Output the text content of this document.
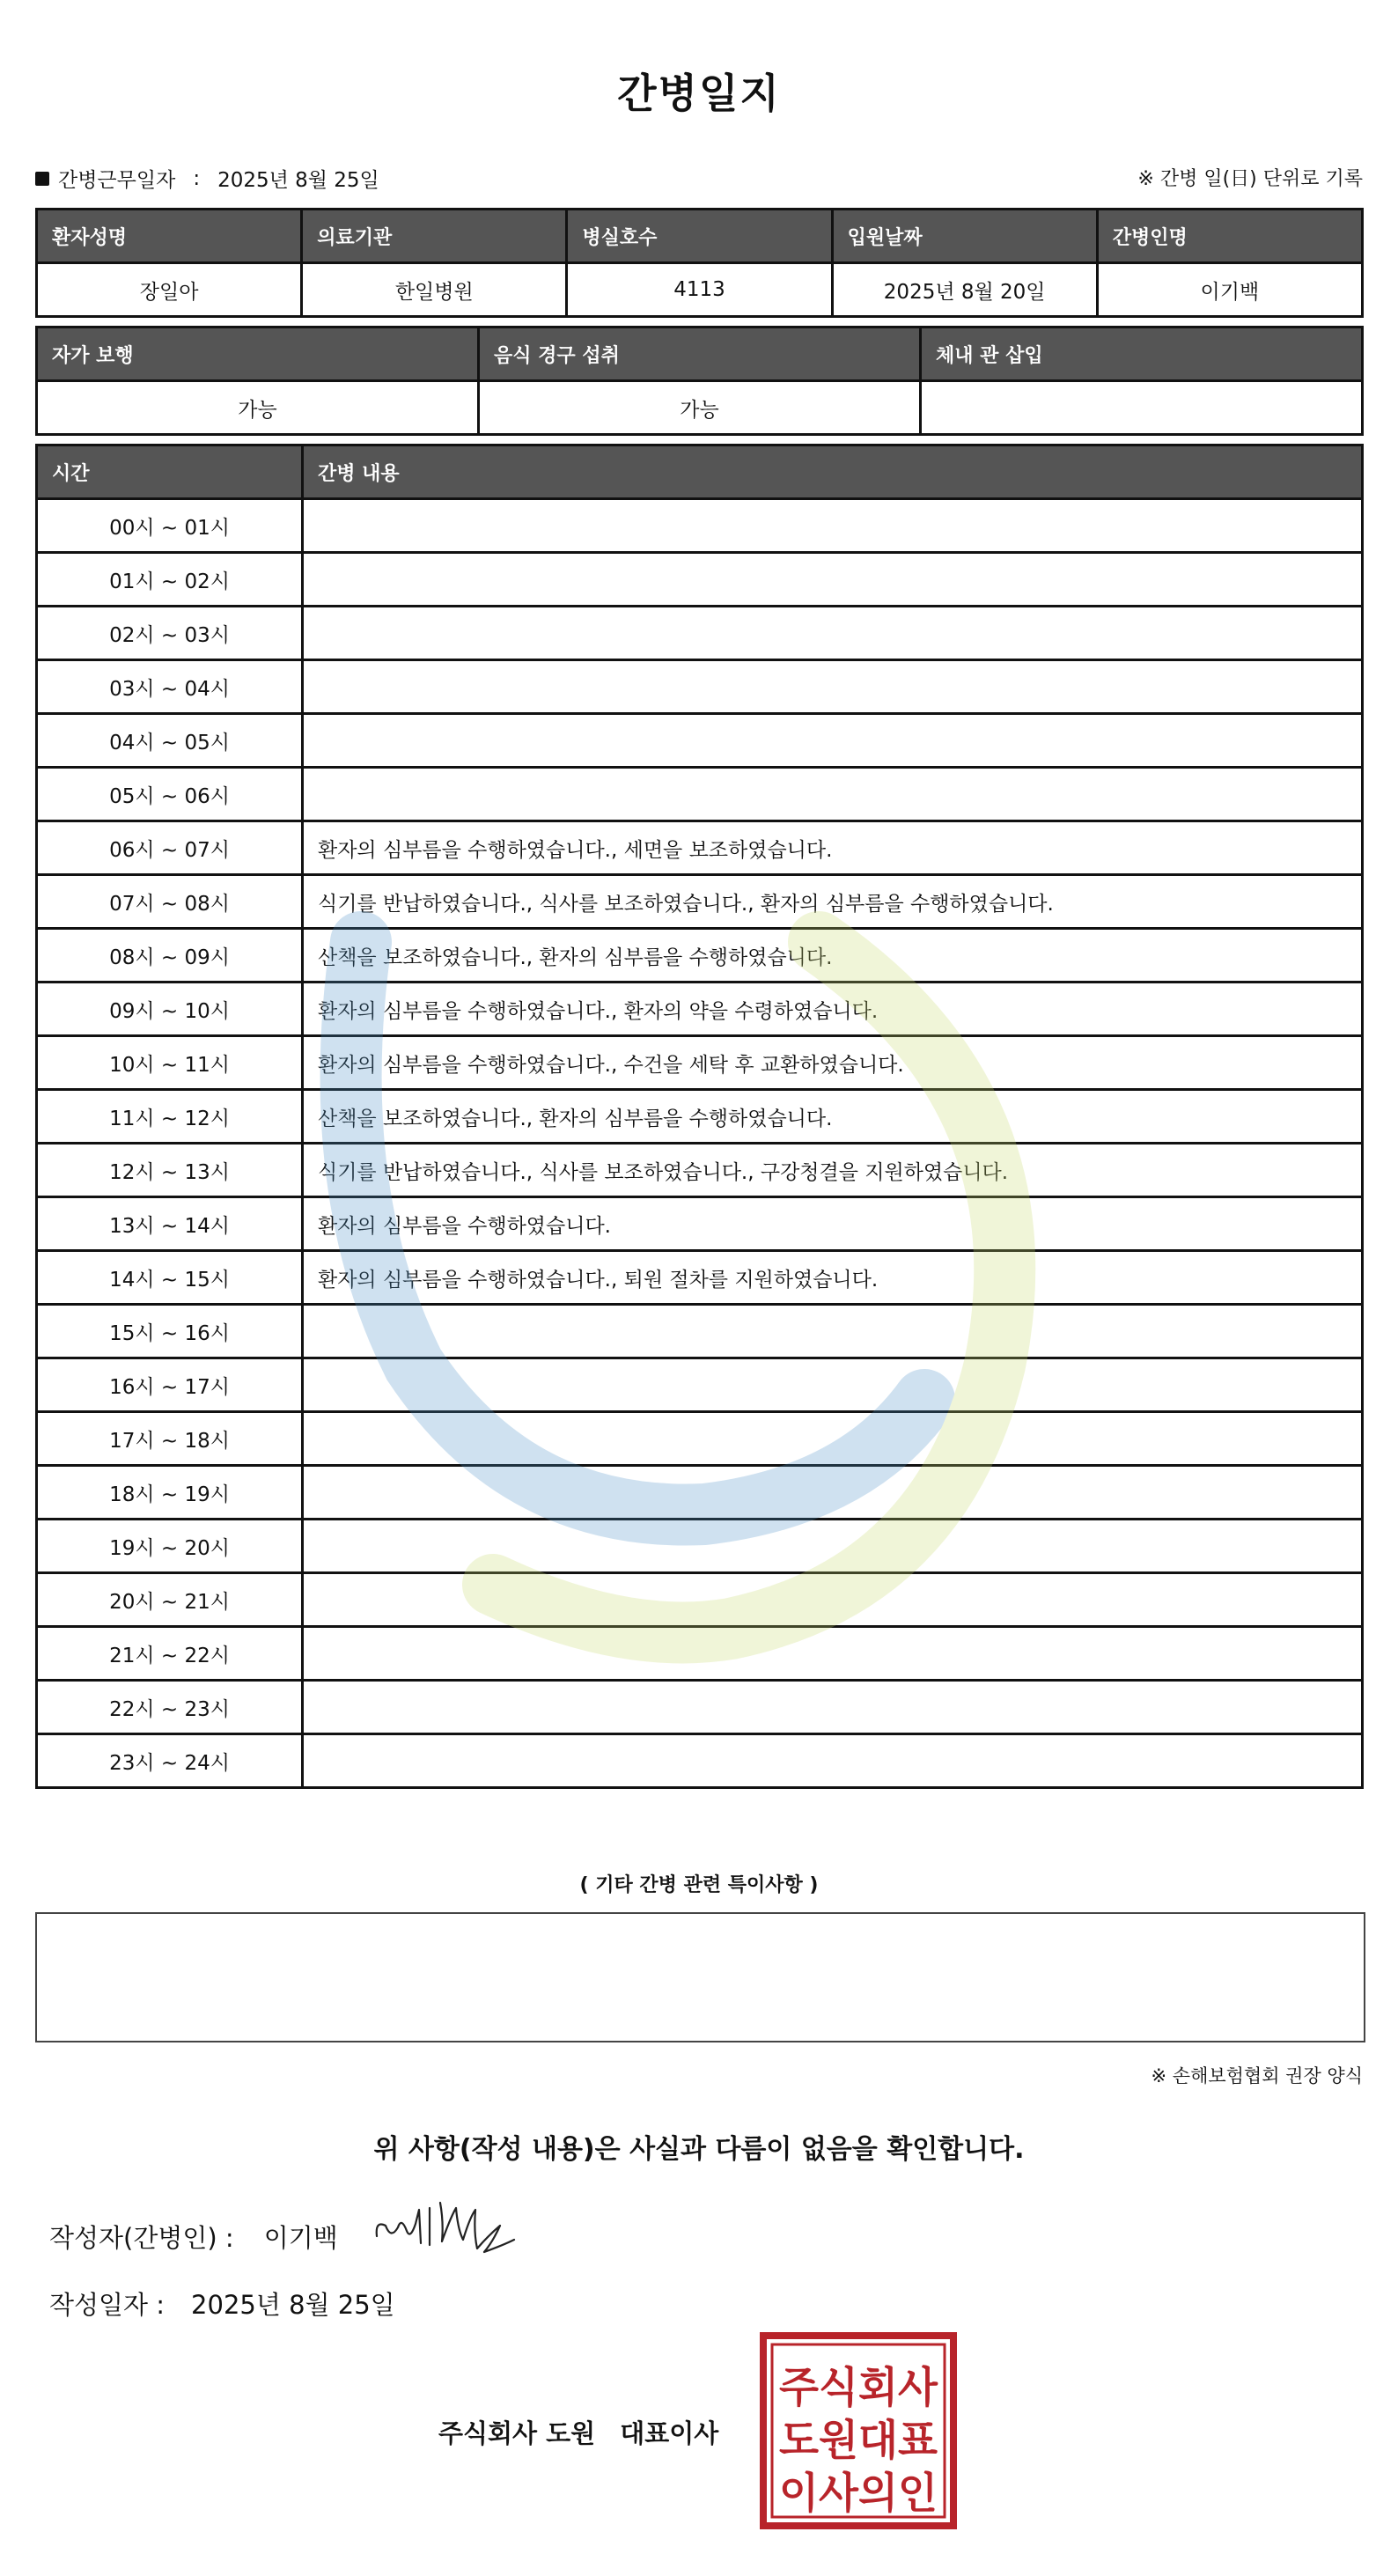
간병일지
간병근무일자 : 2025년 8월 25일	※ 간병 일(日) 단위로 기록
환자성명	의료기관	병실호수	입원날짜	간병인명
장일아	한일병원	4113	2025년 8월 20일	이기백
자가 보행	음식 경구 섭취	체내 관 삽입
가능	가능	
시간	간병 내용
00시 ~ 01시	
01시 ~ 02시	
02시 ~ 03시	
03시 ~ 04시	
04시 ~ 05시	
05시 ~ 06시	
06시 ~ 07시	환자의 심부름을 수행하였습니다., 세면을 보조하였습니다.
07시 ~ 08시	식기를 반납하였습니다., 식사를 보조하였습니다., 환자의 심부름을 수행하였습니다.
08시 ~ 09시	산책을 보조하였습니다., 환자의 심부름을 수행하였습니다.
09시 ~ 10시	환자의 심부름을 수행하였습니다., 환자의 약을 수령하였습니다.
10시 ~ 11시	환자의 심부름을 수행하였습니다., 수건을 세탁 후 교환하였습니다.
11시 ~ 12시	산책을 보조하였습니다., 환자의 심부름을 수행하였습니다.
12시 ~ 13시	식기를 반납하였습니다., 식사를 보조하였습니다., 구강청결을 지원하였습니다.
13시 ~ 14시	환자의 심부름을 수행하였습니다.
14시 ~ 15시	환자의 심부름을 수행하였습니다., 퇴원 절차를 지원하였습니다.
15시 ~ 16시	
16시 ~ 17시	
17시 ~ 18시	
18시 ~ 19시	
19시 ~ 20시	
20시 ~ 21시	
21시 ~ 22시	
22시 ~ 23시	
23시 ~ 24시	
( 기타 간병 관련 특이사항 )
※ 손해보험협회 권장 양식
위 사항(작성 내용)은 사실과 다름이 없음을 확인합니다.
작성자(간병인) : 이기백
작성일자 : 2025년 8월 25일
주식회사 도원 대표이사
주식회사
도원대표
이사의인
